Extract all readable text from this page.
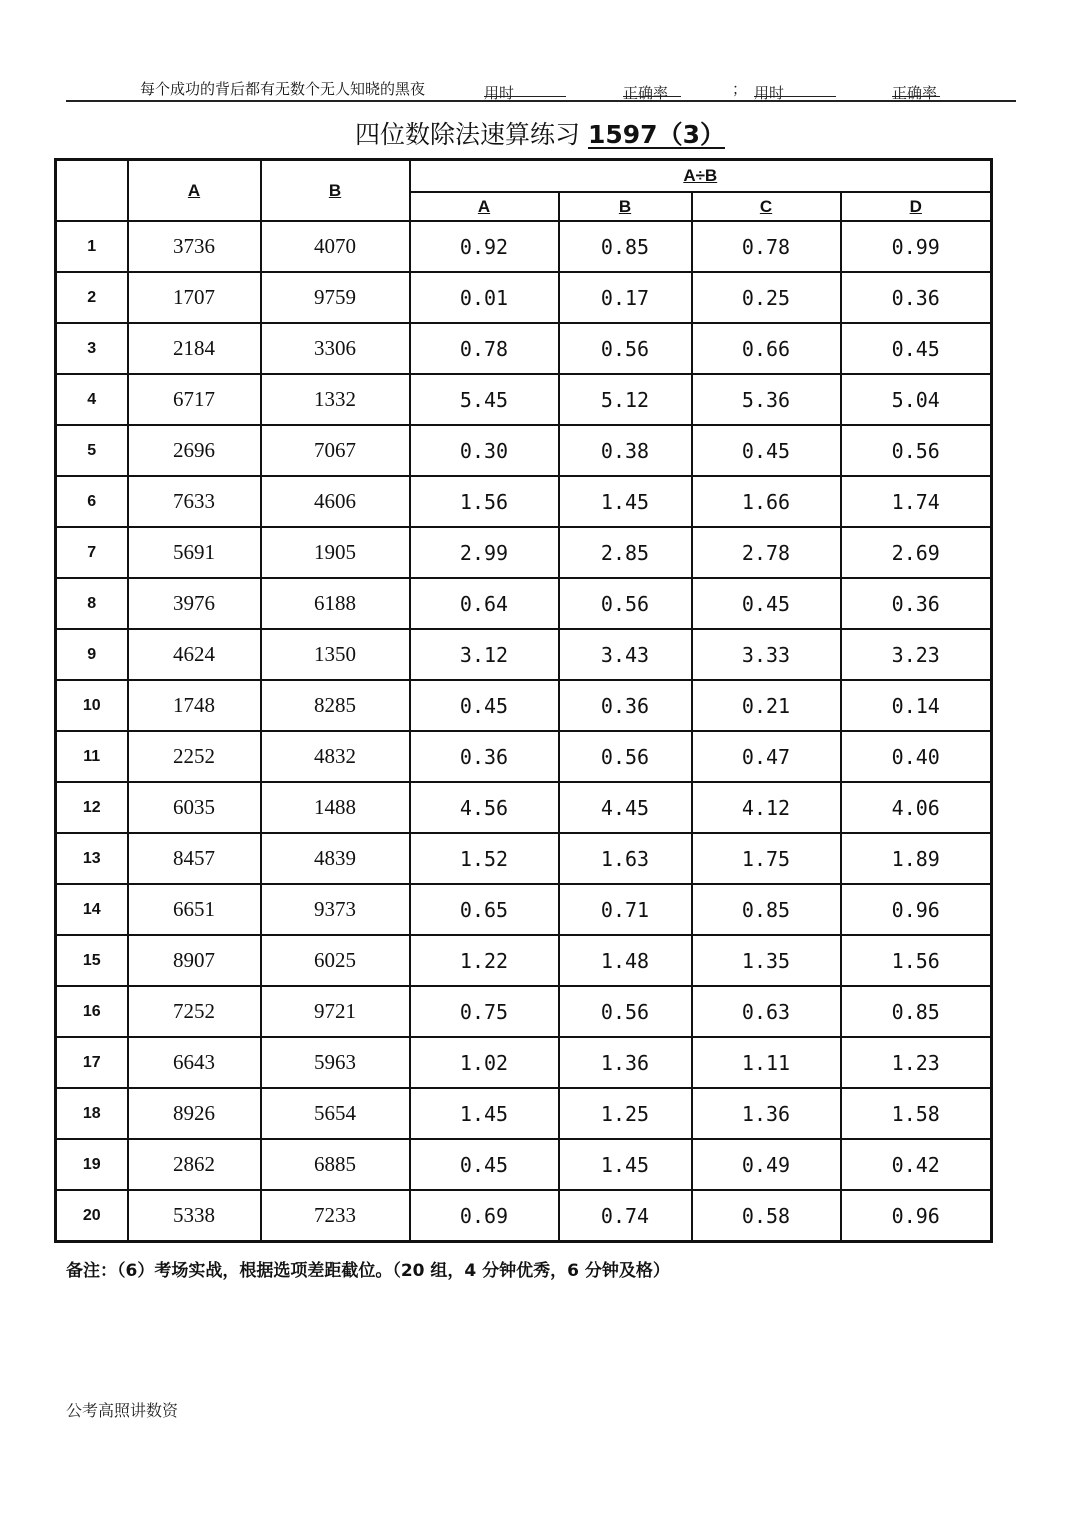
每个成功的背后都有无数个无人知晓的黑夜	用时	正确率	； 用时	正确率
四位数除法速算练习 1597（3）
	A	B	A÷B			
			A	B	C	D
1	3736	4070	0.92	0.85	0.78	0.99
2	1707	9759	0.01	0.17	0.25	0.36
3	2184	3306	0.78	0.56	0.66	0.45
4	6717	1332	5.45	5.12	5.36	5.04
5	2696	7067	0.30	0.38	0.45	0.56
6	7633	4606	1.56	1.45	1.66	1.74
7	5691	1905	2.99	2.85	2.78	2.69
8	3976	6188	0.64	0.56	0.45	0.36
9	4624	1350	3.12	3.43	3.33	3.23
10	1748	8285	0.45	0.36	0.21	0.14
11	2252	4832	0.36	0.56	0.47	0.40
12	6035	1488	4.56	4.45	4.12	4.06
13	8457	4839	1.52	1.63	1.75	1.89
14	6651	9373	0.65	0.71	0.85	0.96
15	8907	6025	1.22	1.48	1.35	1.56
16	7252	9721	0.75	0.56	0.63	0.85
17	6643	5963	1.02	1.36	1.11	1.23
18	8926	5654	1.45	1.25	1.36	1.58
19	2862	6885	0.45	1.45	0.49	0.42
20	5338	7233	0.69	0.74	0.58	0.96
备注：（6）考场实战，根据选项差距截位。（20 组，4 分钟优秀，6 分钟及格）
公考高照讲数资
